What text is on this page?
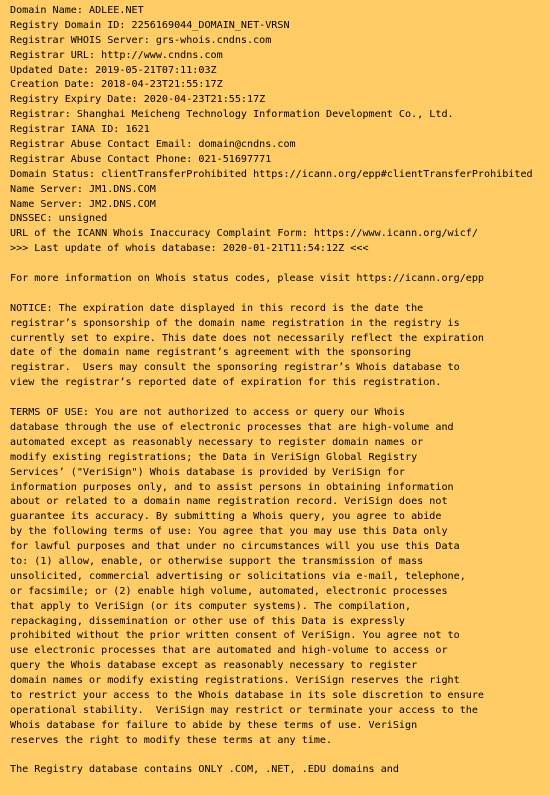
Domain Name: ADLEE.NET
Registry Domain ID: 2256169044_DOMAIN_NET-VRSN
Registrar WHOIS Server: grs-whois.cndns.com
Registrar URL: http://www.cndns.com
Updated Date: 2019-05-21T07:11:03Z
Creation Date: 2018-04-23T21:55:17Z
Registry Expiry Date: 2020-04-23T21:55:17Z
Registrar: Shanghai Meicheng Technology Information Development Co., Ltd.
Registrar IANA ID: 1621
Registrar Abuse Contact Email: domain@cndns.com
Registrar Abuse Contact Phone: 021-51697771
Domain Status: clientTransferProhibited https://icann.org/epp#clientTransferProhibited
Name Server: JM1.DNS.COM
Name Server: JM2.DNS.COM
DNSSEC: unsigned
URL of the ICANN Whois Inaccuracy Complaint Form: https://www.icann.org/wicf/
>>> Last update of whois database: 2020-01-21T11:54:12Z <<<
For more information on Whois status codes, please visit https://icann.org/epp
NOTICE: The expiration date displayed in this record is the date the
registrar’s sponsorship of the domain name registration in the registry is
currently set to expire. This date does not necessarily reflect the expiration
date of the domain name registrant’s agreement with the sponsoring
registrar.  Users may consult the sponsoring registrar’s Whois database to
view the registrar’s reported date of expiration for this registration.
TERMS OF USE: You are not authorized to access or query our Whois
database through the use of electronic processes that are high-volume and
automated except as reasonably necessary to register domain names or
modify existing registrations; the Data in VeriSign Global Registry
Services’ ("VeriSign") Whois database is provided by VeriSign for
information purposes only, and to assist persons in obtaining information
about or related to a domain name registration record. VeriSign does not
guarantee its accuracy. By submitting a Whois query, you agree to abide
by the following terms of use: You agree that you may use this Data only
for lawful purposes and that under no circumstances will you use this Data
to: (1) allow, enable, or otherwise support the transmission of mass
unsolicited, commercial advertising or solicitations via e-mail, telephone,
or facsimile; or (2) enable high volume, automated, electronic processes
that apply to VeriSign (or its computer systems). The compilation,
repackaging, dissemination or other use of this Data is expressly
prohibited without the prior written consent of VeriSign. You agree not to
use electronic processes that are automated and high-volume to access or
query the Whois database except as reasonably necessary to register
domain names or modify existing registrations. VeriSign reserves the right
to restrict your access to the Whois database in its sole discretion to ensure
operational stability.  VeriSign may restrict or terminate your access to the
Whois database for failure to abide by these terms of use. VeriSign
reserves the right to modify these terms at any time.
The Registry database contains ONLY .COM, .NET, .EDU domains and
